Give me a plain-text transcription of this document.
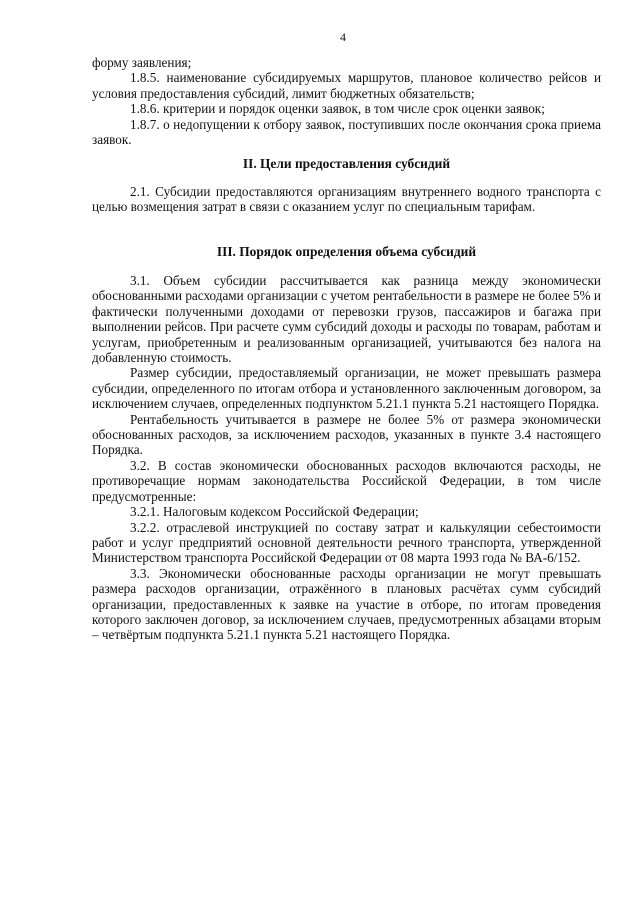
4

форму заявления;

1.8.5. наименование субсидируемых маршрутов, плановое количество рейсов и условия предоставления субсидий, лимит бюджетных обязательств;

1.8.6. критерии и порядок оценки заявок, в том числе срок оценки заявок;

1.8.7. о недопущении к отбору заявок, поступивших после окончания срока приема заявок.

II. Цели предоставления субсидий

2.1. Субсидии предоставляются организациям внутреннего водного транспорта с целью возмещения затрат в связи с оказанием услуг по специальным тарифам.

III. Порядок определения объема субсидий

3.1. Объем субсидии рассчитывается как разница между экономически обоснованными расходами организации с учетом рентабельности в размере не более 5% и фактически полученными доходами от перевозки грузов, пассажиров и багажа при выполнении рейсов. При расчете сумм субсидий доходы и расходы по товарам, работам и услугам, приобретенным и реализованным организацией, учитываются без налога на добавленную стоимость.

Размер субсидии, предоставляемый организации, не может превышать размера субсидии, определенного по итогам отбора и установленного заключенным договором, за исключением случаев, определенных подпунктом 5.21.1 пункта 5.21 настоящего Порядка.

Рентабельность учитывается в размере не более 5% от размера экономически обоснованных расходов, за исключением расходов, указанных в пункте 3.4 настоящего Порядка.

3.2. В состав экономически обоснованных расходов включаются расходы, не противоречащие нормам законодательства Российской Федерации, в том числе предусмотренные:

3.2.1. Налоговым кодексом Российской Федерации;

3.2.2. отраслевой инструкцией по составу затрат и калькуляции себестоимости работ и услуг предприятий основной деятельности речного транспорта, утвержденной Министерством транспорта Российской Федерации от 08 марта 1993 года № ВА-6/152.

3.3. Экономически обоснованные расходы организации не могут превышать размера расходов организации, отражённого в плановых расчётах сумм субсидий организации, предоставленных к заявке на участие в отборе, по итогам проведения которого заключен договор, за исключением случаев, предусмотренных абзацами вторым – четвёртым подпункта 5.21.1 пункта 5.21 настоящего Порядка.
